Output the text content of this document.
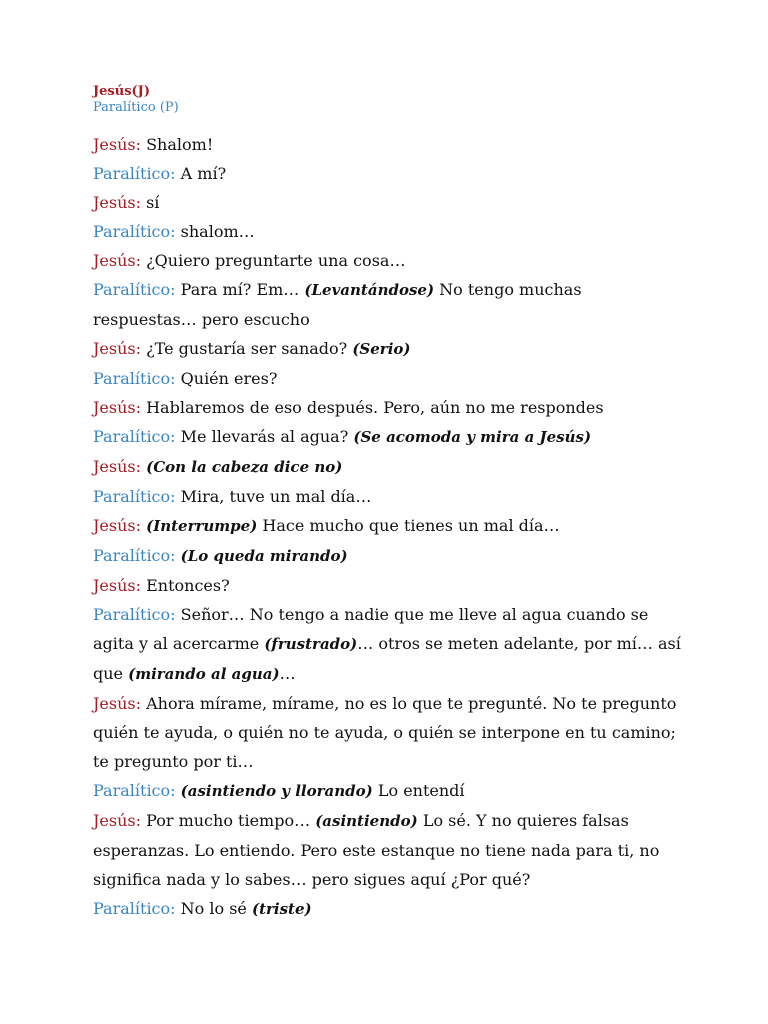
Jesús(J)
Paralítico (P)

Jesús: Shalom!

Paralítico: A mí?

Jesús: sí

Paralítico: shalom…

Jesús: ¿Quiero preguntarte una cosa…

Paralítico: Para mí? Em… (Levantándose) No tengo muchas respuestas… pero escucho

Jesús: ¿Te gustaría ser sanado? (Serio)

Paralítico: Quién eres?

Jesús: Hablaremos de eso después. Pero, aún no me respondes

Paralítico: Me llevarás al agua? (Se acomoda y mira a Jesús)

Jesús: (Con la cabeza dice no)

Paralítico: Mira, tuve un mal día…

Jesús: (Interrumpe) Hace mucho que tienes un mal día…

Paralítico: (Lo queda mirando)

Jesús: Entonces?

Paralítico: Señor… No tengo a nadie que me lleve al agua cuando se agita y al acercarme (frustrado)… otros se meten adelante, por mí… así que (mirando al agua)…

Jesús: Ahora mírame, mírame, no es lo que te pregunté. No te pregunto quién te ayuda, o quién no te ayuda, o quién se interpone en tu camino; te pregunto por ti…

Paralítico: (asintiendo y llorando) Lo entendí

Jesús: Por mucho tiempo… (asintiendo) Lo sé. Y no quieres falsas esperanzas. Lo entiendo. Pero este estanque no tiene nada para ti, no significa nada y lo sabes… pero sigues aquí ¿Por qué?

Paralítico: No lo sé (triste)
